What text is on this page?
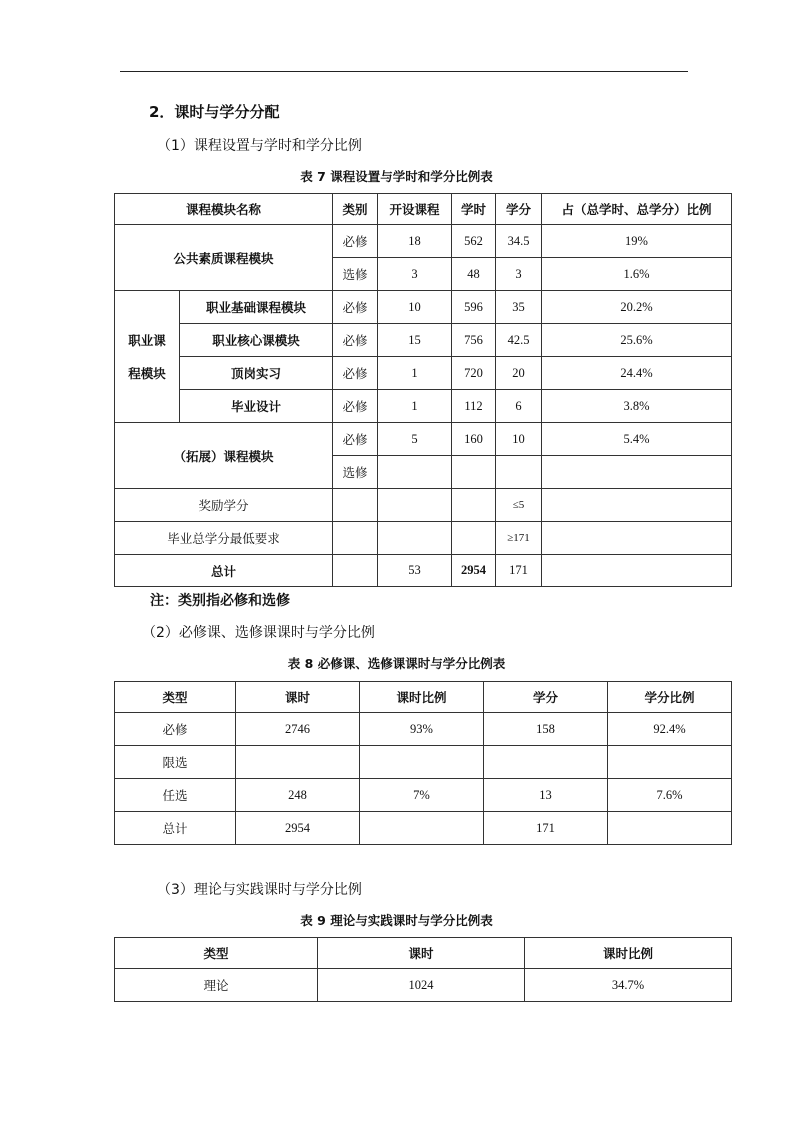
2．课时与学分分配
（1）课程设置与学时和学分比例
表 7 课程设置与学时和学分比例表
课程模块名称		类别	开设课程	学时	学分	占（总学时、总学分）比例
公共素质课程模块		必修	18	562	34.5	19%
		选修	3	48	3	1.6%
职业课
程模块	职业基础课程模块	必修	10	596	35	20.2%
	职业核心课模块	必修	15	756	42.5	25.6%
	顶岗实习	必修	1	720	20	24.4%
	毕业设计	必修	1	112	6	3.8%
（拓展）课程模块		必修	5	160	10	5.4%
		选修				
奖励学分					≤5	
毕业总学分最低要求					≥171	
总计			53	2954	171	
注：类别指必修和选修
（2）必修课、选修课课时与学分比例
表 8 必修课、选修课课时与学分比例表
类型	课时	课时比例	学分	学分比例
必修	2746	93%	158	92.4%
限选				
任选	248	7%	13	7.6%
总计	2954		171	
（3）理论与实践课时与学分比例
表 9 理论与实践课时与学分比例表
类型	课时	课时比例
理论	1024	34.7%
